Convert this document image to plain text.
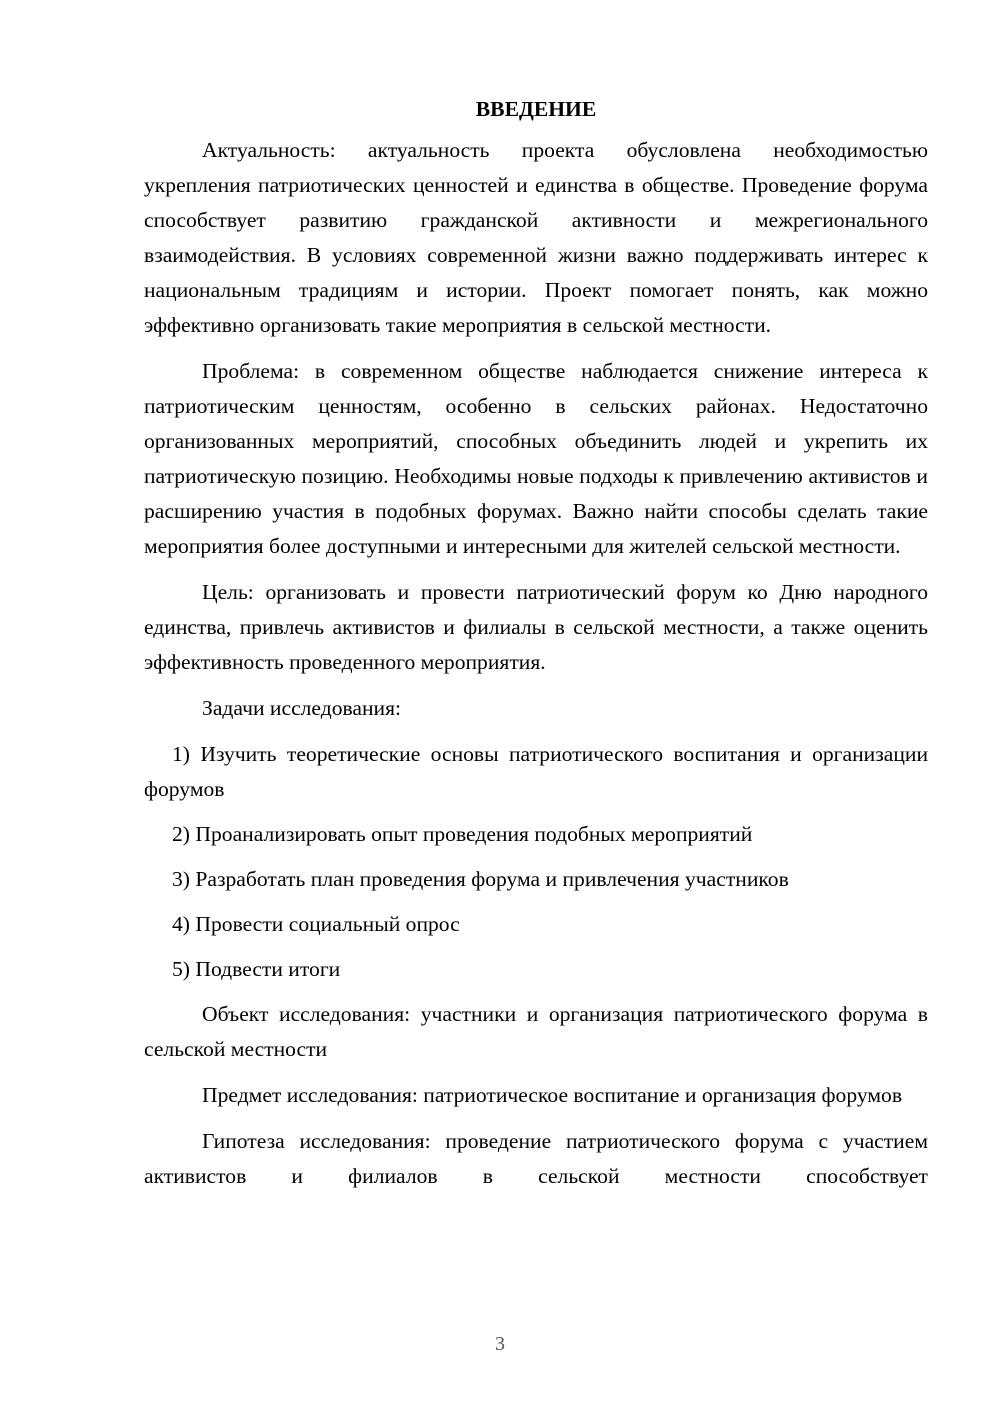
ВВЕДЕНИЕ

Актуальность: актуальность проекта обусловлена необходимостью укрепления патриотических ценностей и единства в обществе. Проведение форума способствует развитию гражданской активности и межрегионального взаимодействия. В условиях современной жизни важно поддерживать интерес к национальным традициям и истории. Проект помогает понять, как можно эффективно организовать такие мероприятия в сельской местности.

Проблема: в современном обществе наблюдается снижение интереса к патриотическим ценностям, особенно в сельских районах. Недостаточно организованных мероприятий, способных объединить людей и укрепить их патриотическую позицию. Необходимы новые подходы к привлечению активистов и расширению участия в подобных форумах. Важно найти способы сделать такие мероприятия более доступными и интересными для жителей сельской местности.

Цель: организовать и провести патриотический форум ко Дню народного единства, привлечь активистов и филиалы в сельской местности, а также оценить эффективность проведенного мероприятия.

Задачи исследования:

1) Изучить теоретические основы патриотического воспитания и организации форумов

2) Проанализировать опыт проведения подобных мероприятий

3) Разработать план проведения форума и привлечения участников

4) Провести социальный опрос

5) Подвести итоги

Объект исследования: участники и организация патриотического форума в сельской местности

Предмет исследования: патриотическое воспитание и организация форумов

Гипотеза исследования: проведение патриотического форума с участием активистов и филиалов в сельской местности способствует

3
